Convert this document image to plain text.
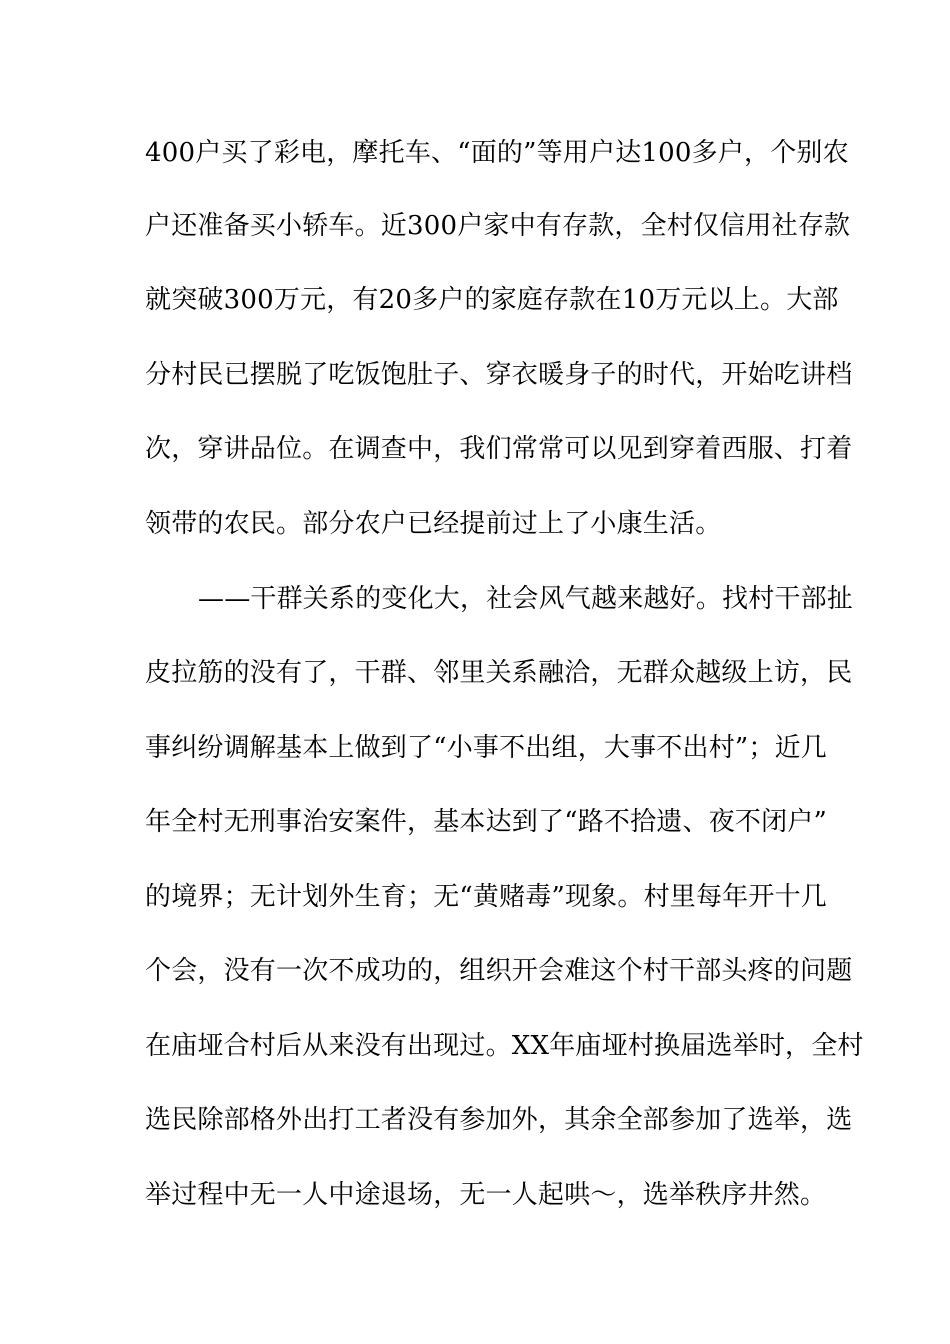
400户买了彩电，摩托车、“面的”等用户达100多户，个别农
户还准备买小轿车。近300户家中有存款，全村仅信用社存款
就突破300万元，有20多户的家庭存款在10万元以上。大部
分村民已摆脱了吃饭饱肚子、穿衣暖身子的时代，开始吃讲档
次，穿讲品位。在调查中，我们常常可以见到穿着西服、打着
领带的农民。部分农户已经提前过上了小康生活。
——干群关系的变化大，社会风气越来越好。找村干部扯
皮拉筋的没有了，干群、邻里关系融洽，无群众越级上访，民
事纠纷调解基本上做到了“小事不出组，大事不出村”；近几
年全村无刑事治安案件，基本达到了“路不拾遗、夜不闭户”
的境界；无计划外生育；无“黄赌毒”现象。村里每年开十几
个会，没有一次不成功的，组织开会难这个村干部头疼的问题
在庙垭合村后从来没有出现过。XX年庙垭村换届选举时，全村
选民除部格外出打工者没有参加外，其余全部参加了选举，选
举过程中无一人中途退场，无一人起哄～，选举秩序井然。
